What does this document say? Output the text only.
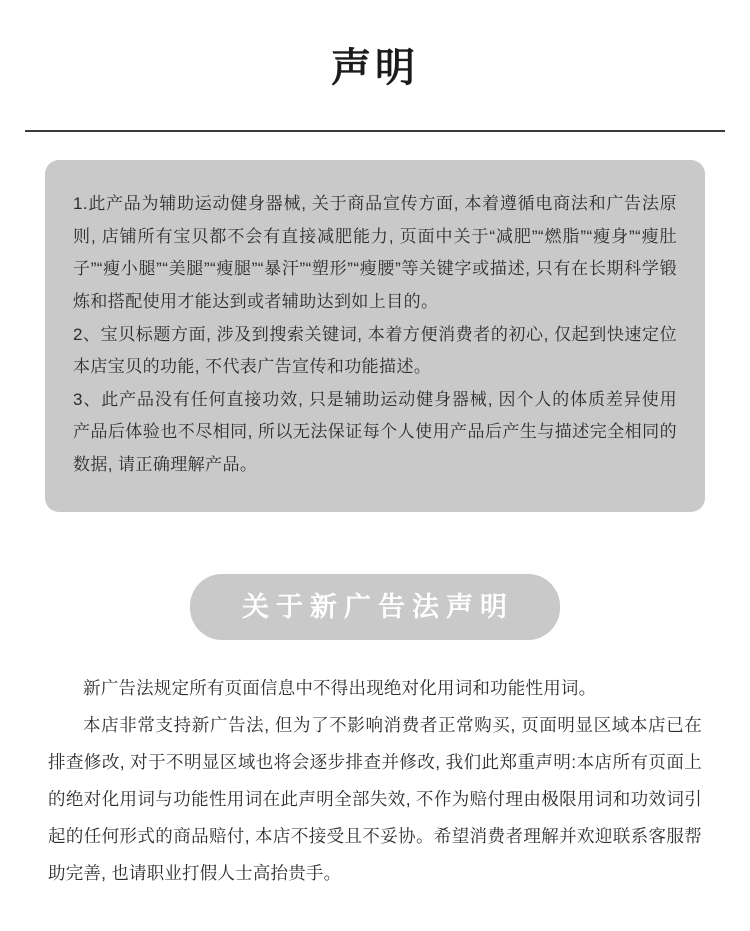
声明

1.此产品为辅助运动健身器械, 关于商品宣传方面, 本着遵循电商法和广告法原则, 店铺所有宝贝都不会有直接减肥能力, 页面中关于“减肥”“燃脂”“瘦身”“瘦肚子”“瘦小腿”“美腿”“瘦腿”“暴汗”“塑形”“瘦腰”等关键字或描述, 只有在长期科学锻炼和搭配使用才能达到或者辅助达到如上目的。

2、宝贝标题方面, 涉及到搜索关键词, 本着方便消费者的初心, 仅起到快速定位本店宝贝的功能, 不代表广告宣传和功能描述。

3、此产品没有任何直接功效, 只是辅助运动健身器械, 因个人的体质差异使用产品后体验也不尽相同, 所以无法保证每个人使用产品后产生与描述完全相同的数据, 请正确理解产品。

关于新广告法声明

新广告法规定所有页面信息中不得出现绝对化用词和功能性用词。

本店非常支持新广告法, 但为了不影响消费者正常购买, 页面明显区域本店已在排查修改, 对于不明显区域也将会逐步排查并修改, 我们此郑重声明:本店所有页面上的绝对化用词与功能性用词在此声明全部失效, 不作为赔付理由极限用词和功效词引起的任何形式的商品赔付, 本店不接受且不妥协。希望消费者理解并欢迎联系客服帮助完善, 也请职业打假人士高抬贵手。
